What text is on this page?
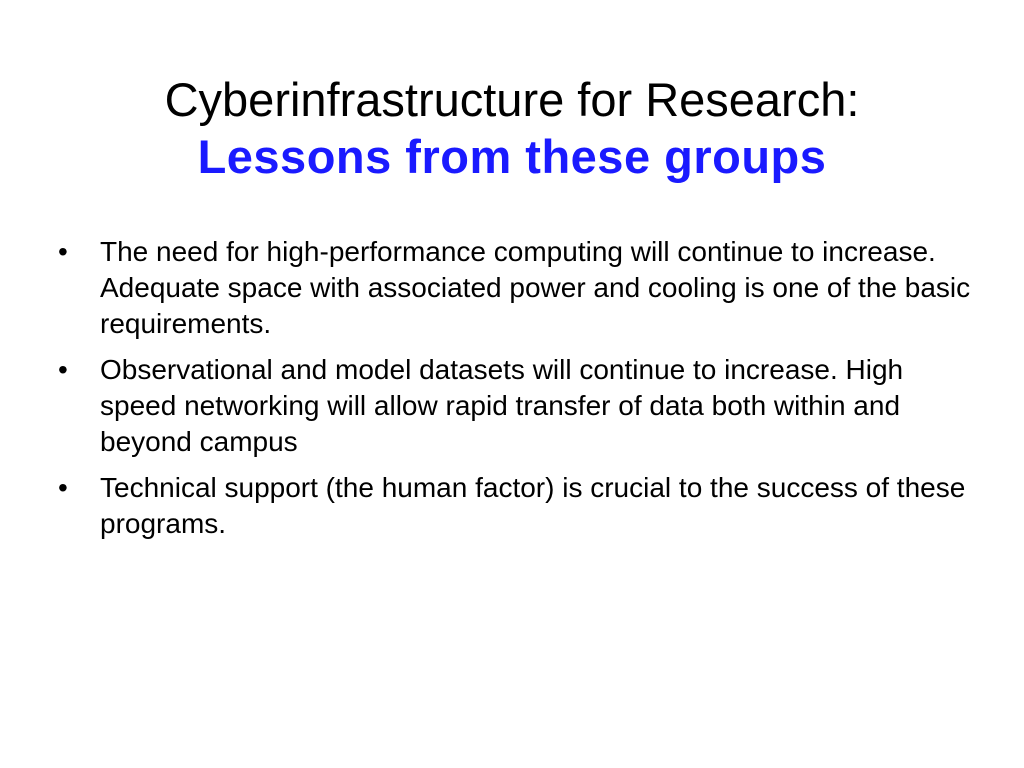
Cyberinfrastructure for Research:
Lessons from these groups
•	The need for high-performance computing will continue to increase. Adequate space with associated power and cooling is one of the basic requirements.
•	Observational and model datasets will continue to increase. High speed networking will allow rapid transfer of data both within and beyond campus
•	Technical support (the human factor) is crucial to the success of these programs.
